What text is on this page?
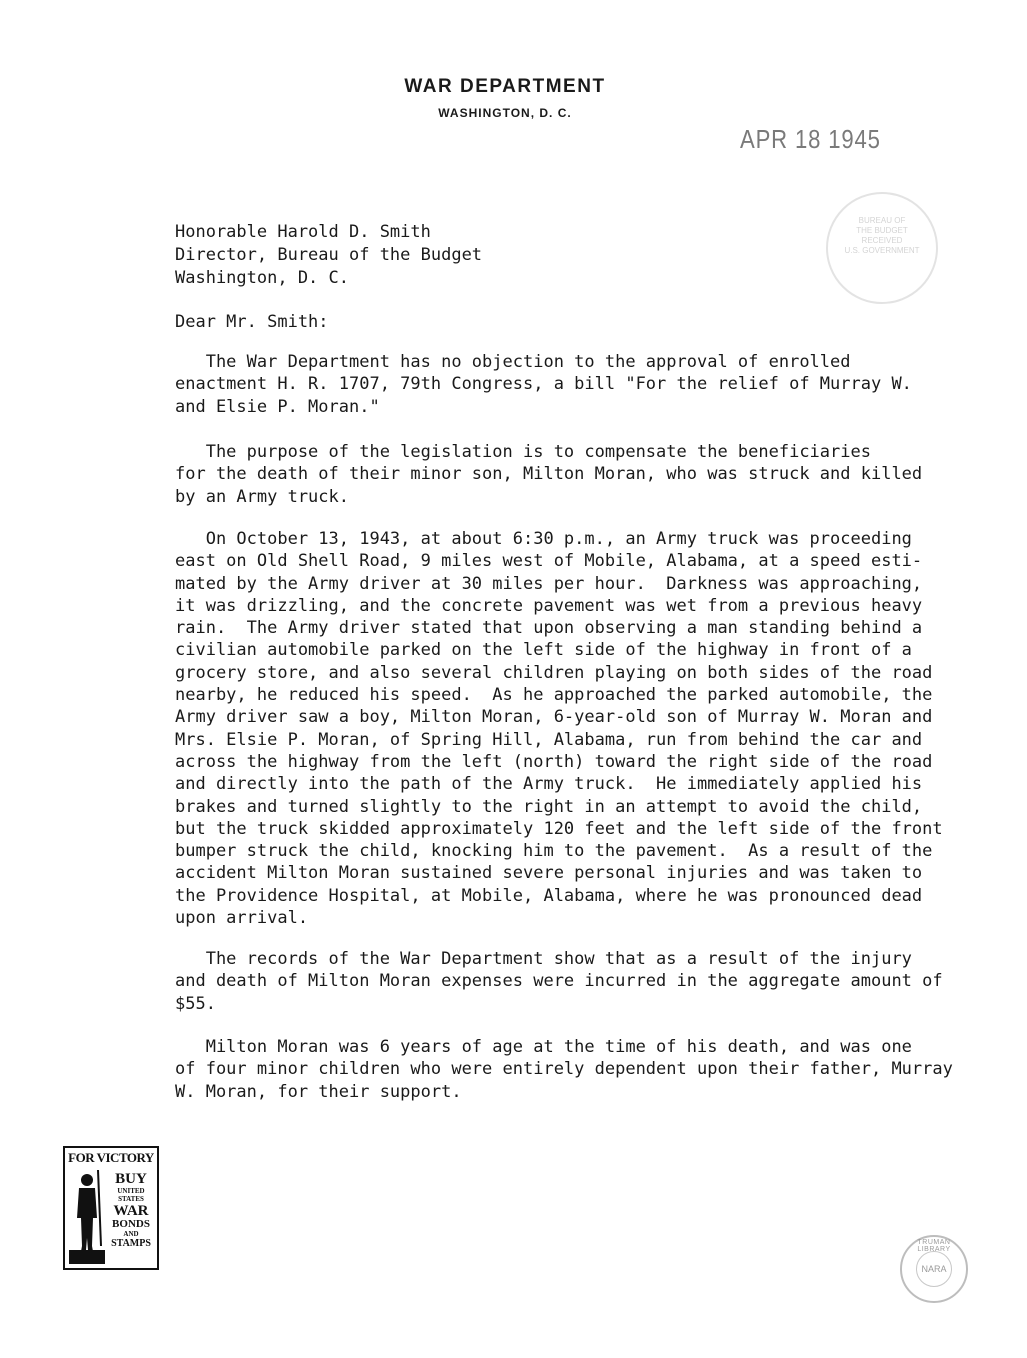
WAR DEPARTMENT
WASHINGTON, D. C.
APR 18 1945
BUREAU OF
THE BUDGET
RECEIVED
U.S. GOVERNMENT
Honorable Harold D. Smith
Director, Bureau of the Budget
Washington, D. C.
Dear Mr. Smith:
The War Department has no objection to the approval of enrolled
enactment H. R. 1707, 79th Congress, a bill "For the relief of Murray W.
and Elsie P. Moran."
The purpose of the legislation is to compensate the beneficiaries
for the death of their minor son, Milton Moran, who was struck and killed
by an Army truck.
On October 13, 1943, at about 6:30 p.m., an Army truck was proceeding
east on Old Shell Road, 9 miles west of Mobile, Alabama, at a speed esti-
mated by the Army driver at 30 miles per hour.  Darkness was approaching,
it was drizzling, and the concrete pavement was wet from a previous heavy
rain.  The Army driver stated that upon observing a man standing behind a
civilian automobile parked on the left side of the highway in front of a
grocery store, and also several children playing on both sides of the road
nearby, he reduced his speed.  As he approached the parked automobile, the
Army driver saw a boy, Milton Moran, 6-year-old son of Murray W. Moran and
Mrs. Elsie P. Moran, of Spring Hill, Alabama, run from behind the car and
across the highway from the left (north) toward the right side of the road
and directly into the path of the Army truck.  He immediately applied his
brakes and turned slightly to the right in an attempt to avoid the child,
but the truck skidded approximately 120 feet and the left side of the front
bumper struck the child, knocking him to the pavement.  As a result of the
accident Milton Moran sustained severe personal injuries and was taken to
the Providence Hospital, at Mobile, Alabama, where he was pronounced dead
upon arrival.
The records of the War Department show that as a result of the injury
and death of Milton Moran expenses were incurred in the aggregate amount of
$55.
Milton Moran was 6 years of age at the time of his death, and was one
of four minor children who were entirely dependent upon their father, Murray
W. Moran, for their support.
FOR VICTORY
BUY
UNITED
STATES
WAR
BONDS
AND
STAMPS	TRUMAN LIBRARY
NARA
